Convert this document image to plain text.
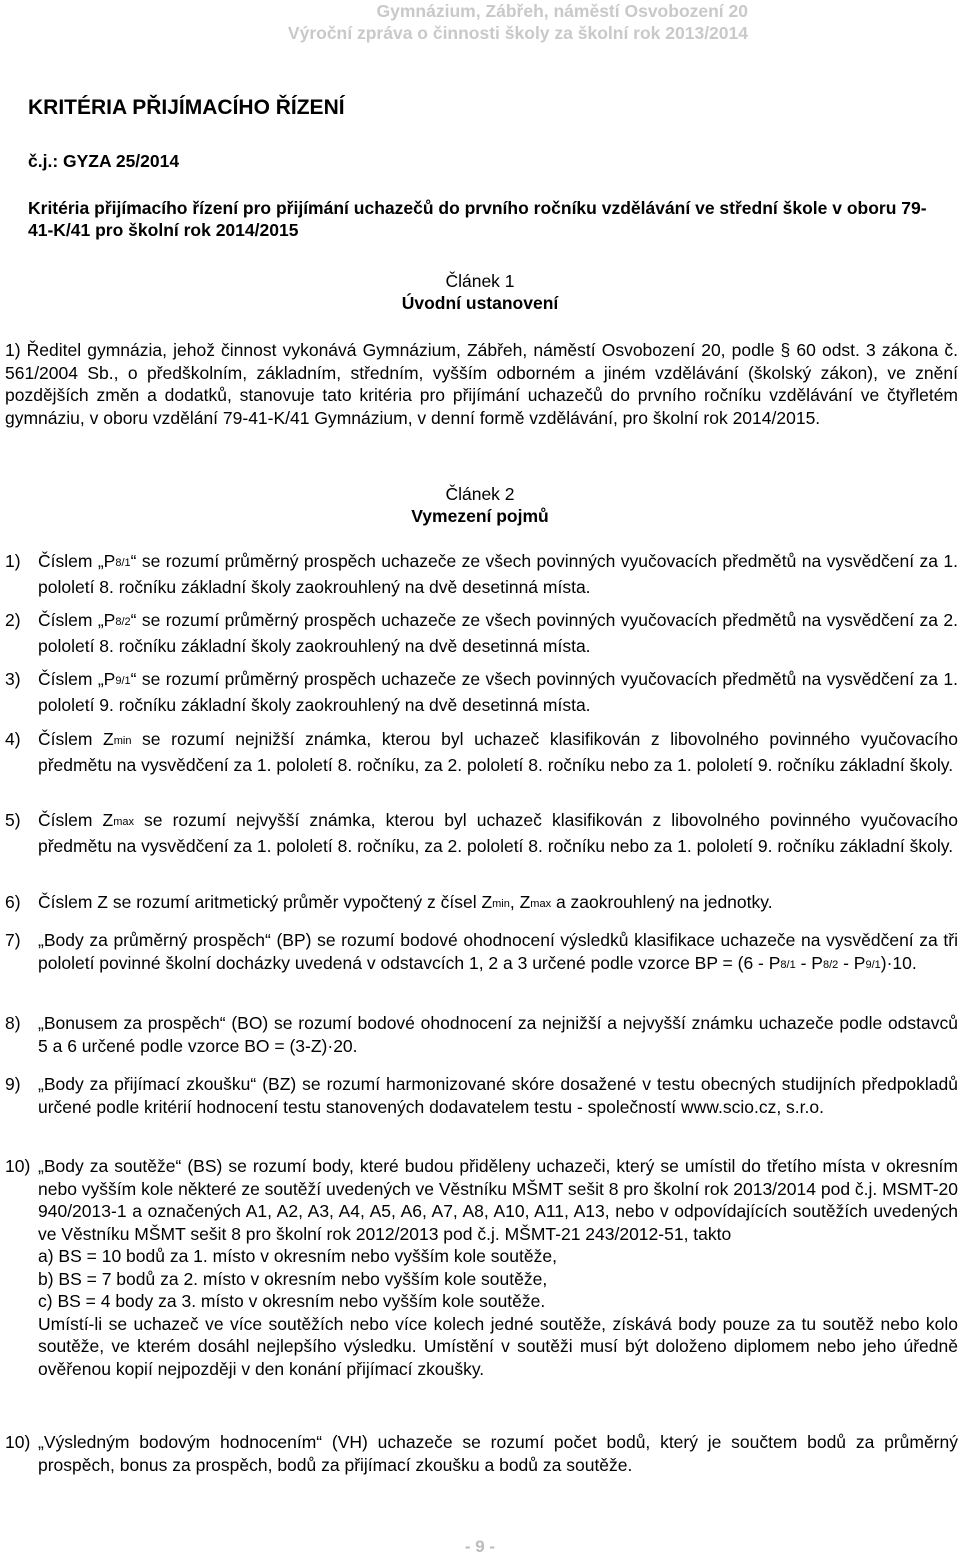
Gymnázium, Zábřeh, náměstí Osvobození 20
Výroční zpráva o činnosti školy za školní rok 2013/2014
KRITÉRIA PŘIJÍMACÍHO ŘÍZENÍ
č.j.: GYZA 25/2014
Kritéria přijímacího řízení pro přijímání uchazečů do prvního ročníku vzdělávání ve střední škole v oboru 79-41-K/41 pro školní rok 2014/2015
Článek 1
Úvodní ustanovení
1) Ředitel gymnázia, jehož činnost vykonává Gymnázium, Zábřeh, náměstí Osvobození 20, podle § 60 odst. 3 zákona č. 561/2004 Sb., o předškolním, základním, středním, vyšším odborném a jiném vzdělávání (školský zákon), ve znění pozdějších změn a dodatků, stanovuje tato kritéria pro přijímání uchazečů do prvního ročníku vzdělávání ve čtyřletém gymnáziu, v oboru vzdělání 79-41-K/41 Gymnázium, v denní formě vzdělávání, pro školní rok 2014/2015.
Článek 2
Vymezení pojmů
1) Číslem $„P_{8/1}“$ se rozumí průměrný prospěch uchazeče ze všech povinných vyučovacích předmětů na vysvědčení za 1. pololetí 8. ročníku základní školy zaokrouhlený na dvě desetinná místa.
2) Číslem $„P_{8/2}“$ se rozumí průměrný prospěch uchazeče ze všech povinných vyučovacích předmětů na vysvědčení za 2. pololetí 8. ročníku základní školy zaokrouhlený na dvě desetinná místa.
3) Číslem $„P_{9/1}“$ se rozumí průměrný prospěch uchazeče ze všech povinných vyučovacích předmětů na vysvědčení za 1. pololetí 9. ročníku základní školy zaokrouhlený na dvě desetinná místa.
4) Číslem $Z_{min}$ se rozumí nejnižší známka, kterou byl uchazeč klasifikován z libovolného povinného vyučovacího předmětu na vysvědčení za 1. pololetí 8. ročníku, za 2. pololetí 8. ročníku nebo za 1. pololetí 9. ročníku základní školy.
5) Číslem $Z_{max}$ se rozumí nejvyšší známka, kterou byl uchazeč klasifikován z libovolného povinného vyučovacího předmětu na vysvědčení za 1. pololetí 8. ročníku, za 2. pololetí 8. ročníku nebo za 1. pololetí 9. ročníku základní školy.
6) Číslem Z se rozumí aritmetický průměr vypočtený z čísel $Z_{min}$, $Z_{max}$ a zaokrouhlený na jednotky.
7) „Body za průměrný prospěch“ (BP) se rozumí bodové ohodnocení výsledků klasifikace uchazeče na vysvědčení za tři pololetí povinné školní docházky uvedená v odstavcích 1, 2 a 3 určené podle vzorce BP = $(6 - P_{8/1} - P_{8/2} - P_{9/1})\cdot 10$.
8) „Bonusem za prospěch“ (BO) se rozumí bodové ohodnocení za nejnižší a nejvyšší známku uchazeče podle odstavců 5 a 6 určené podle vzorce BO = (3-Z)·20.
9) „Body za přijímací zkoušku“ (BZ) se rozumí harmonizované skóre dosažené v testu obecných studijních předpokladů určené podle kritérií hodnocení testu stanovených dodavatelem testu - společností www.scio.cz, s.r.o.
10) „Body za soutěže“ (BS) se rozumí body, které budou přiděleny uchazeči, který se umístil do třetího místa v okresním nebo vyšším kole některé ze soutěží uvedených ve Věstníku MŠMT sešit 8 pro školní rok 2013/2014 pod č.j. MSMT-20 940/2013-1 a označených A1, A2, A3, A4, A5, A6, A7, A8, A10, A11, A13, nebo v odpovídajících soutěžích uvedených ve Věstníku MŠMT sešit 8 pro školní rok 2012/2013 pod č.j. MŠMT-21 243/2012-51, takto
a) BS = 10 bodů za 1. místo v okresním nebo vyšším kole soutěže,
b) BS = 7 bodů za 2. místo v okresním nebo vyšším kole soutěže,
c) BS = 4 body za 3. místo v okresním nebo vyšším kole soutěže.
Umístí-li se uchazeč ve více soutěžích nebo více kolech jedné soutěže, získává body pouze za tu soutěž nebo kolo soutěže, ve kterém dosáhl nejlepšího výsledku. Umístění v soutěži musí být doloženo diplomem nebo jeho úředně ověřenou kopií nejpozději v den konání přijímací zkoušky.
10) „Výsledným bodovým hodnocením“ (VH) uchazeče se rozumí počet bodů, který je součtem bodů za průměrný prospěch, bonus za prospěch, bodů za přijímací zkoušku a bodů za soutěže.
- 9 -
